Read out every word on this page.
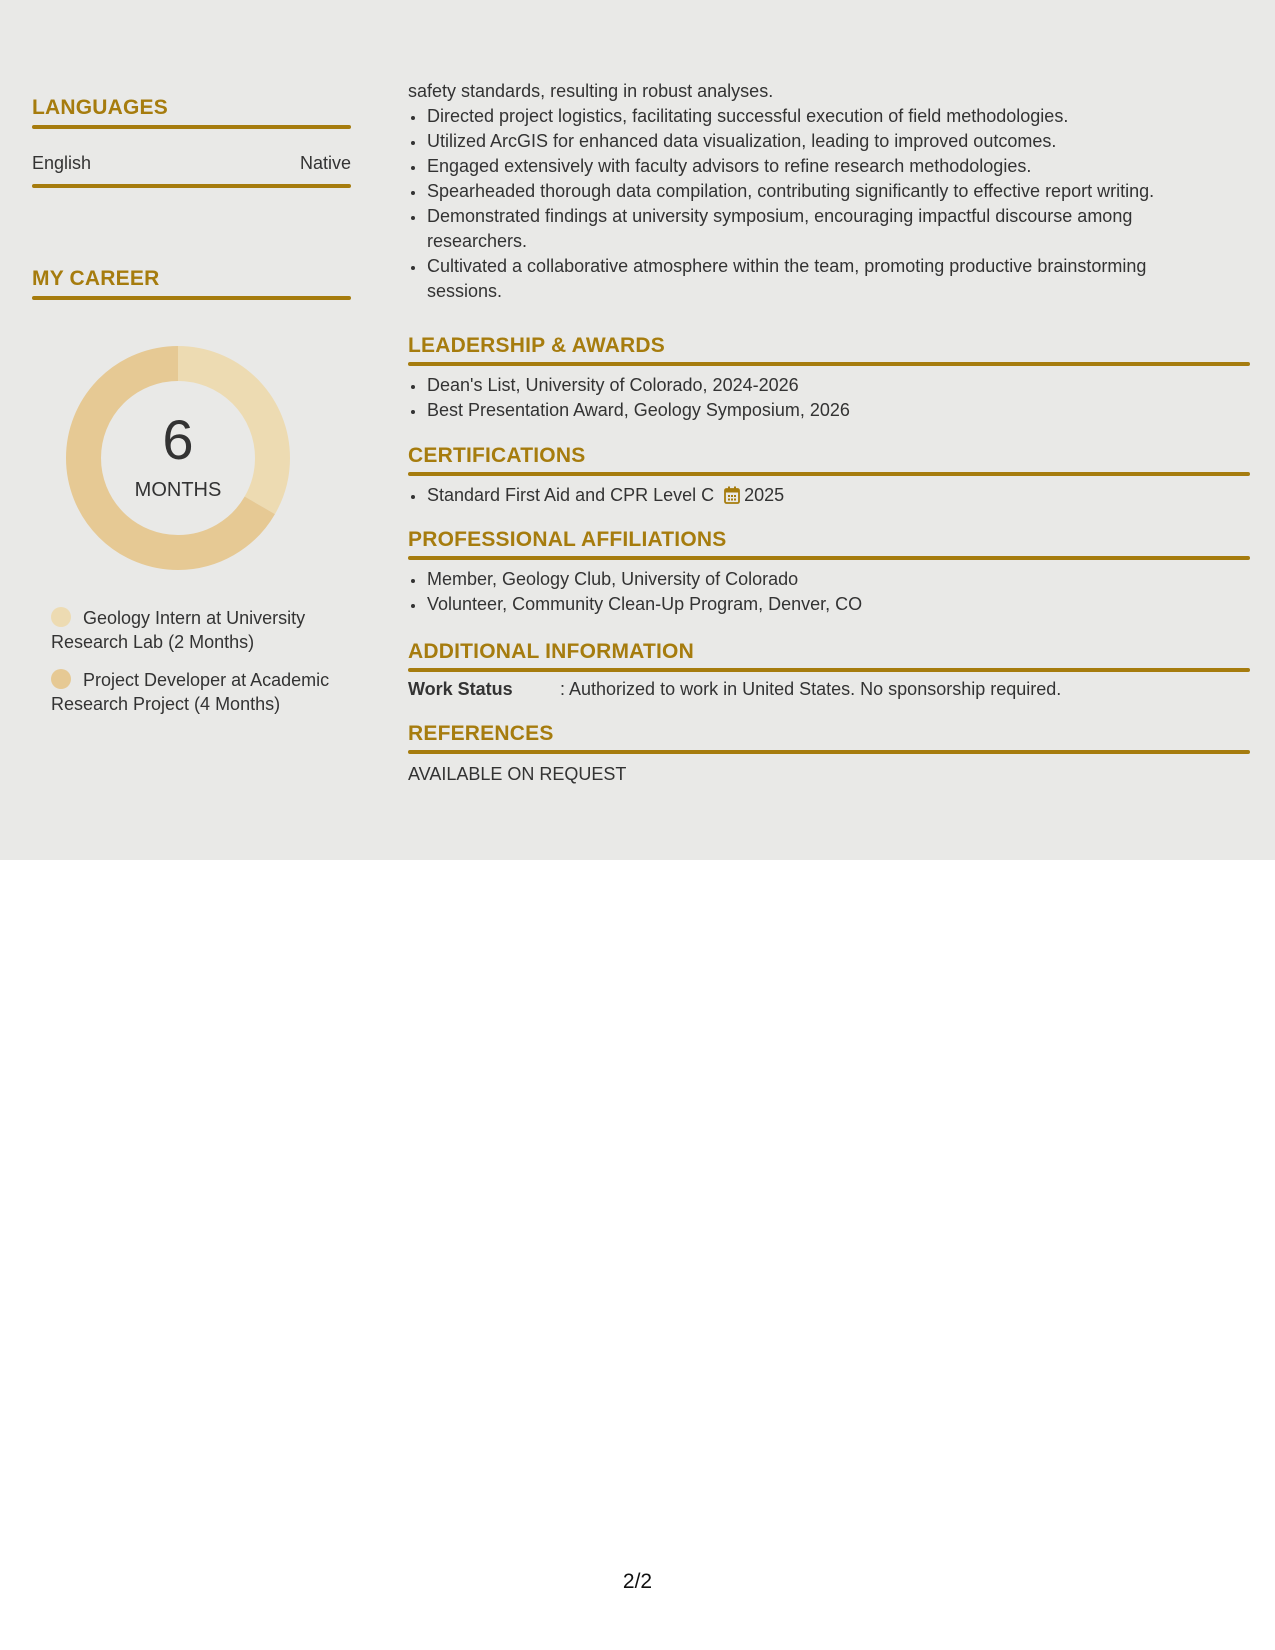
LANGUAGES
English	Native
MY CAREER
6
MONTHS
Geology Intern at University Research Lab (2 Months)
Project Developer at Academic Research Project (4 Months)
safety standards, resulting in robust analyses.
• Directed project logistics, facilitating successful execution of field methodologies.
• Utilized ArcGIS for enhanced data visualization, leading to improved outcomes.
• Engaged extensively with faculty advisors to refine research methodologies.
• Spearheaded thorough data compilation, contributing significantly to effective report writing.
• Demonstrated findings at university symposium, encouraging impactful discourse among researchers.
• Cultivated a collaborative atmosphere within the team, promoting productive brainstorming sessions.
LEADERSHIP & AWARDS
• Dean's List, University of Colorado, 2024-2026
• Best Presentation Award, Geology Symposium, 2026
CERTIFICATIONS
• Standard First Aid and CPR Level C 2025
PROFESSIONAL AFFILIATIONS
• Member, Geology Club, University of Colorado
• Volunteer, Community Clean-Up Program, Denver, CO
ADDITIONAL INFORMATION
Work Status	: Authorized to work in United States. No sponsorship required.
REFERENCES
AVAILABLE ON REQUEST
2/2
